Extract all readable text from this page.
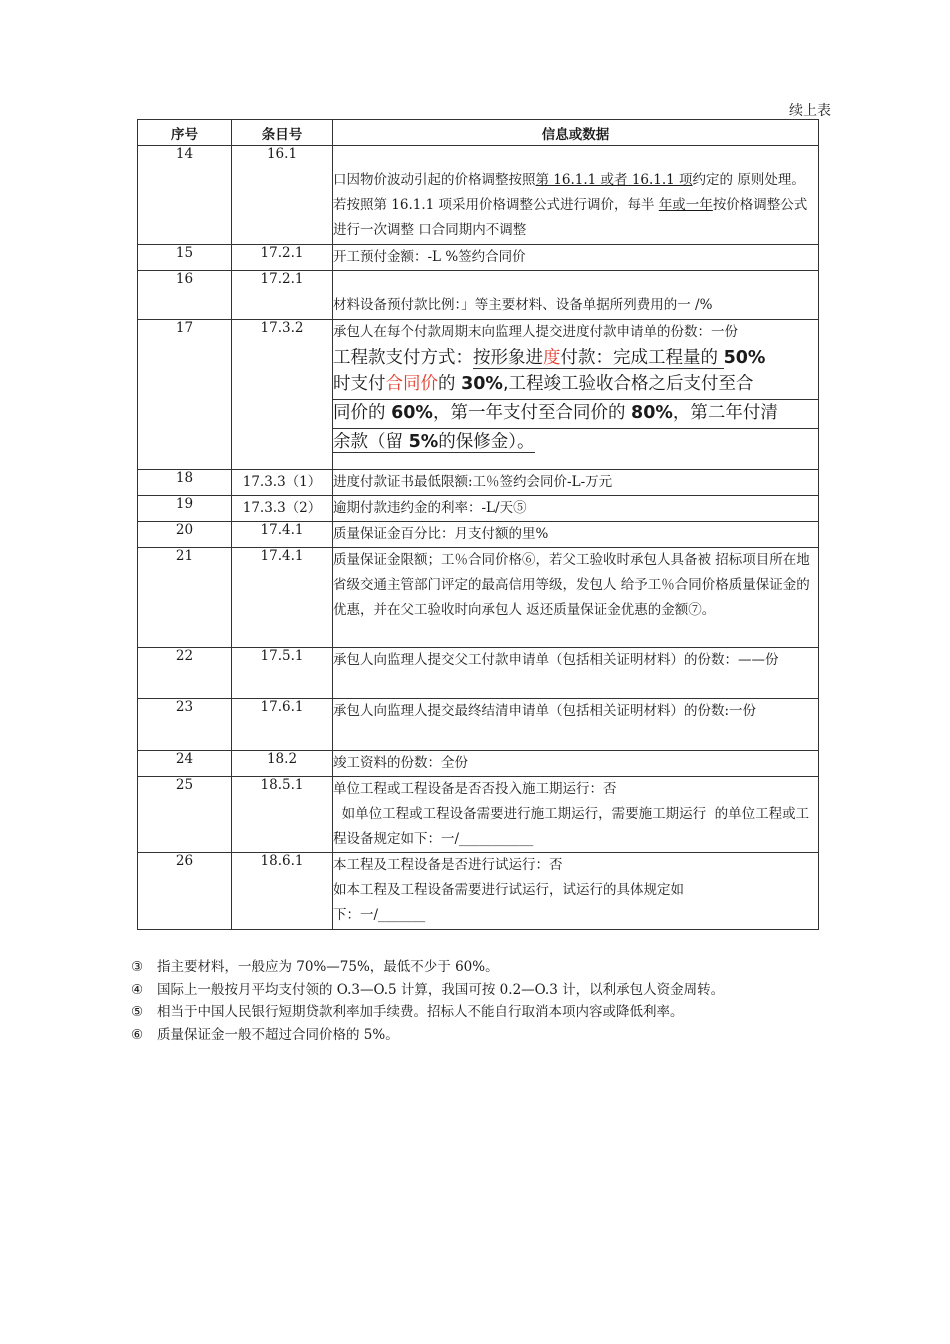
续上表
序号	条目号	信息或数据
14	16.1	口因物价波动引起的价格调整按照第 16.1.1 或者 16.1.1 项约定的 原则处理。若按照第 16.1.1 项采用价格调整公式进行调价，每半 年或一年按价格调整公式进行一次调整 口合同期内不调整
15	17.2.1	开工预付金额：-L %签约合同价
16	17.2.1	材料设备预付款比例：」等主要材料、设备单据所列费用的一 /%
17	17.3.2	承包人在每个付款周期末向监理人提交进度付款申请单的份数：一份
工程款支付方式：按形象进度付款：完成工程量的 50%
时支付合同价的 30%,工程竣工验收合格之后支付至合
同价的 60%，第一年支付至合同价的 80%，第二年付清
余款（留 5%的保修金）。

18	17.3.3（1）	进度付款证书最低限额:工％签约会同价-L-万元
19	17.3.3（2）	逾期付款违约金的利率：-L/天⑤
20	17.4.1	质量保证金百分比：月支付额的里%
21	17.4.1	质量保证金限额；工％合同价格⑥，若父工验收时承包人具备被 招标项目所在地省级交通主管部门评定的最高信用等级，发包人 给予工％合同价格质量保证金的优惠，并在父工验收时向承包人 返还质量保证金优惠的金额⑦。
22	17.5.1	承包人向监理人提交父工付款申请单（包括相关证明材料）的份数：——份
23	17.6.1	承包人向监理人提交最终结清申请单（包括相关证明材料）的份数:一份
24	18.2	竣工资料的份数：全份
25	18.5.1	单位工程或工程设备是否否投入施工期运行：否
如单位工程或工程设备需要进行施工期运行，需要施工期运行  的单位工程或工程设备规定如下：一/___________

26	18.6.1	本工程及工程设备是否进行试运行：否
如本工程及工程设备需要进行试运行，试运行的具体规定如
下：一/_______
③ 指主要材料，一般应为 70%—75%，最低不少于 60%。
④ 国际上一般按月平均支付领的 O.3—O.5 计算，我国可按 0.2—O.3 计，以利承包人资金周转。
⑤ 相当于中国人民银行短期贷款利率加手续费。招标人不能自行取消本项内容或降低利率。
⑥ 质量保证金一般不超过合同价格的 5%。
